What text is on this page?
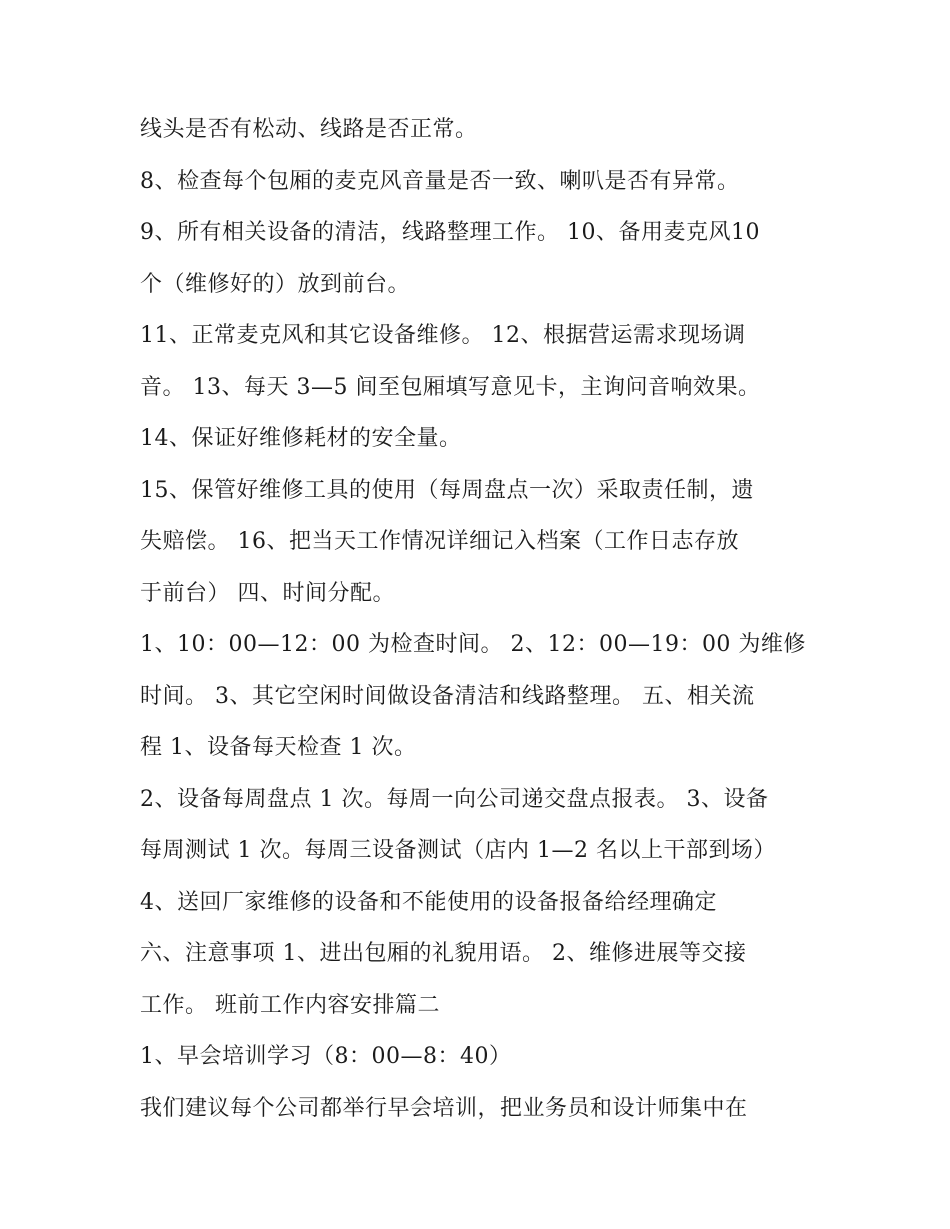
线头是否有松动、线路是否正常。
8、检查每个包厢的麦克风音量是否一致、喇叭是否有异常。
9、所有相关设备的清洁，线路整理工作。 10、备用麦克风10
个（维修好的）放到前台。
11、正常麦克风和其它设备维修。 12、根据营运需求现场调
音。 13、每天 3—5 间至包厢填写意见卡，主询问音响效果。
14、保证好维修耗材的安全量。
15、保管好维修工具的使用（每周盘点一次）采取责任制，遗
失赔偿。 16、把当天工作情况详细记入档案（工作日志存放
于前台） 四、时间分配。
1、10：00—12：00 为检查时间。 2、12：00—19：00 为维修
时间。 3、其它空闲时间做设备清洁和线路整理。 五、相关流
程 1、设备每天检查 1 次。
2、设备每周盘点 1 次。每周一向公司递交盘点报表。 3、设备
每周测试 1 次。每周三设备测试（店内 1—2 名以上干部到场）
4、送回厂家维修的设备和不能使用的设备报备给经理确定
六、注意事项 1、进出包厢的礼貌用语。 2、维修进展等交接
工作。 班前工作内容安排篇二
1、早会培训学习（8：00—8：40）
我们建议每个公司都举行早会培训，把业务员和设计师集中在
